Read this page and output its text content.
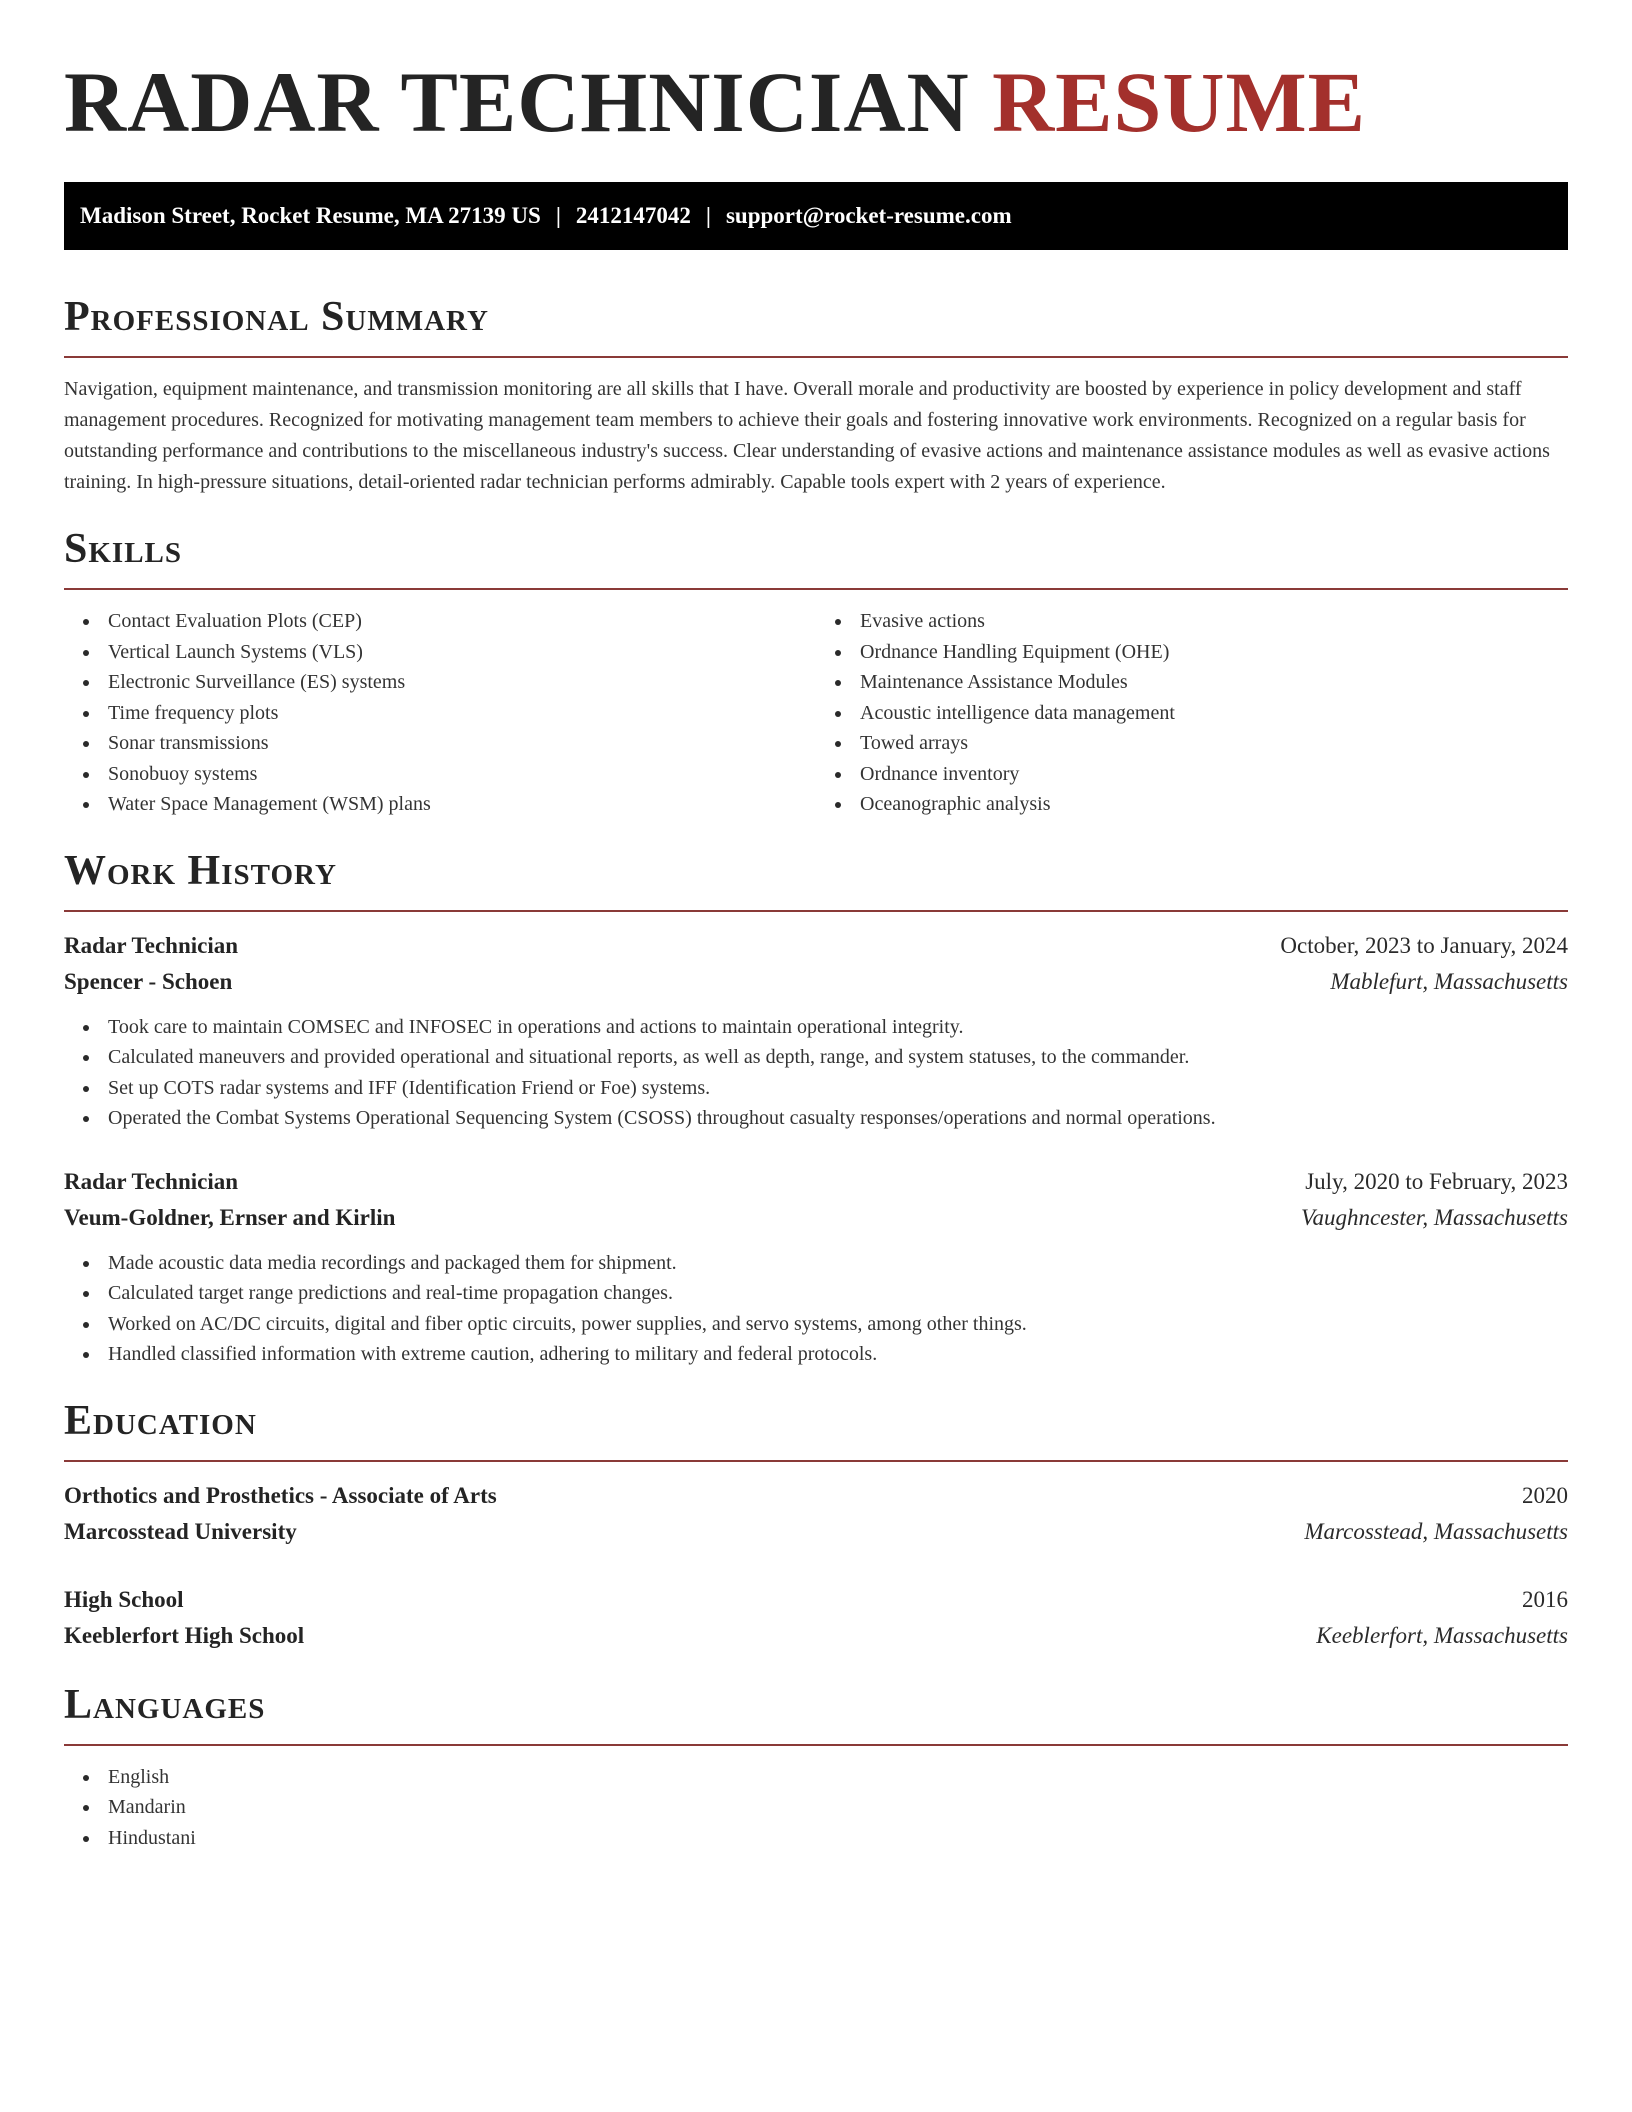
RADAR TECHNICIAN RESUME
Madison Street, Rocket Resume, MA 27139 US | 2412147042 | support@rocket-resume.com
Professional Summary

Navigation, equipment maintenance, and transmission monitoring are all skills that I have. Overall morale and productivity are boosted by experience in policy development and staff management procedures. Recognized for motivating management team members to achieve their goals and fostering innovative work environments. Recognized on a regular basis for outstanding performance and contributions to the miscellaneous industry's success. Clear understanding of evasive actions and maintenance assistance modules as well as evasive actions training. In high-pressure situations, detail-oriented radar technician performs admirably. Capable tools expert with 2 years of experience.

Skills
Contact Evaluation Plots (CEP)
Vertical Launch Systems (VLS)
Electronic Surveillance (ES) systems
Time frequency plots
Sonar transmissions
Sonobuoy systems
Water Space Management (WSM) plans
Evasive actions
Ordnance Handling Equipment (OHE)
Maintenance Assistance Modules
Acoustic intelligence data management
Towed arrays
Ordnance inventory
Oceanographic analysis
Work History
Radar Technician	October, 2023 to January, 2024
Spencer - Schoen	Mablefurt, Massachusetts
Took care to maintain COMSEC and INFOSEC in operations and actions to maintain operational integrity.
Calculated maneuvers and provided operational and situational reports, as well as depth, range, and system statuses, to the commander.
Set up COTS radar systems and IFF (Identification Friend or Foe) systems.
Operated the Combat Systems Operational Sequencing System (CSOSS) throughout casualty responses/operations and normal operations.
Radar Technician	July, 2020 to February, 2023
Veum-Goldner, Ernser and Kirlin	Vaughncester, Massachusetts
Made acoustic data media recordings and packaged them for shipment.
Calculated target range predictions and real-time propagation changes.
Worked on AC/DC circuits, digital and fiber optic circuits, power supplies, and servo systems, among other things.
Handled classified information with extreme caution, adhering to military and federal protocols.
Education
Orthotics and Prosthetics - Associate of Arts	2020
Marcosstead University	Marcosstead, Massachusetts
High School	2016
Keeblerfort High School	Keeblerfort, Massachusetts
Languages
English
Mandarin
Hindustani
